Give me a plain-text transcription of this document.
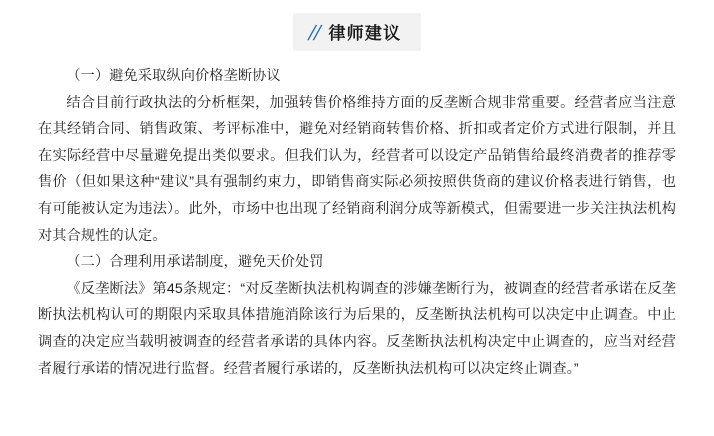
// 律师建议

（一）避免采取纵向价格垄断协议

结合目前行政执法的分析框架，加强转售价格维持方面的反垄断合规非常重要。经营者应当注意在其经销合同、销售政策、考评标准中，避免对经销商转售价格、折扣或者定价方式进行限制，并且在实际经营中尽量避免提出类似要求。但我们认为，经营者可以设定产品销售给最终消费者的推荐零售价（但如果这种“建议”具有强制约束力，即销售商实际必须按照供货商的建议价格表进行销售，也有可能被认定为违法）。此外，市场中也出现了经销商利润分成等新模式，但需要进一步关注执法机构对其合规性的认定。

（二）合理利用承诺制度，避免天价处罚

《反垄断法》第45条规定：“对反垄断执法机构调查的涉嫌垄断行为，被调查的经营者承诺在反垄断执法机构认可的期限内采取具体措施消除该行为后果的，反垄断执法机构可以决定中止调查。中止调查的决定应当载明被调查的经营者承诺的具体内容。反垄断执法机构决定中止调查的，应当对经营者履行承诺的情况进行监督。经营者履行承诺的，反垄断执法机构可以决定终止调查。”
